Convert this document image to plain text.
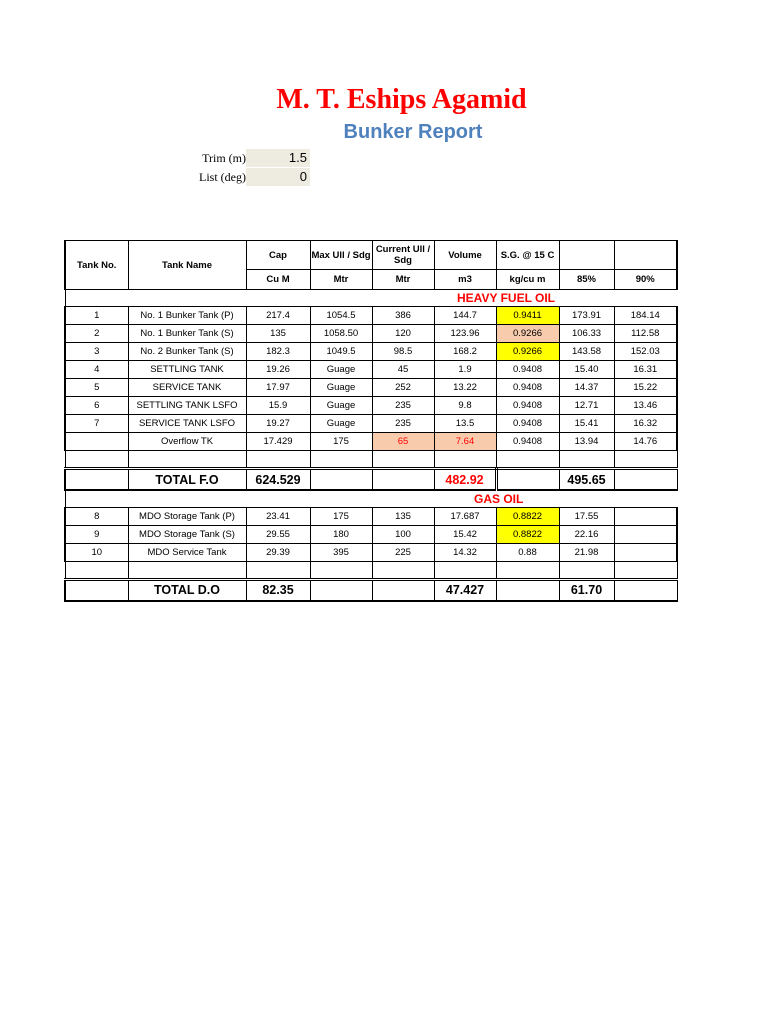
M. T. Eships Agamid
Bunker Report
Trim (m)	1.5
List (deg)	0
Tank No.	Tank Name	Cap	Max Ull / Sdg	Current Ull / Sdg	Volume	S.G. @ 15 C		
		Cu M	Mtr	Mtr	m3	kg/cu m	85%	90%
					HEAVY FUEL OIL			
1	No. 1 Bunker Tank (P)	217.4	1054.5	386	144.7	0.9411	173.91	184.14
2	No. 1 Bunker Tank (S)	135	1058.50	120	123.96	0.9266	106.33	112.58
3	No. 2 Bunker Tank (S)	182.3	1049.5	98.5	168.2	0.9266	143.58	152.03
4	SETTLING TANK	19.26	Guage	45	1.9	0.9408	15.40	16.31
5	SERVICE TANK	17.97	Guage	252	13.22	0.9408	14.37	15.22
6	SETTLING TANK LSFO	15.9	Guage	235	9.8	0.9408	12.71	13.46
7	SERVICE TANK LSFO	19.27	Guage	235	13.5	0.9408	15.41	16.32
	Overflow TK	17.429	175	65	7.64	0.9408	13.94	14.76

	TOTAL F.O	624.529			482.92		495.65	
					GAS OIL			
8	MDO Storage Tank (P)	23.41	175	135	17.687	0.8822	17.55	
9	MDO Storage Tank (S)	29.55	180	100	15.42	0.8822	22.16	
10	MDO Service Tank	29.39	395	225	14.32	0.88	21.98	

	TOTAL D.O	82.35			47.427		61.70	
